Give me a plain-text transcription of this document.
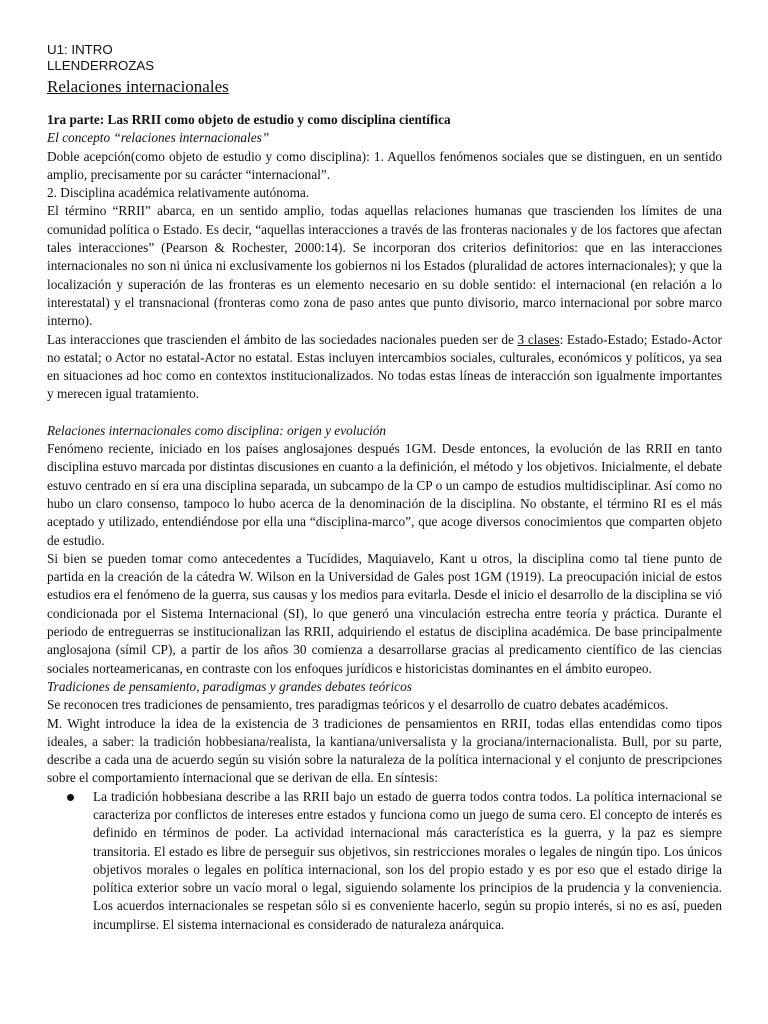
U1: INTRO
LLENDERROZAS
Relaciones internacionales
1ra parte: Las RRII como objeto de estudio y como disciplina científica
El concepto “relaciones internacionales”

Doble acepción(como objeto de estudio y como disciplina): 1. Aquellos fenómenos sociales que se distinguen, en un sentido amplio, precisamente por su carácter “internacional”.

2. Disciplina académica relativamente autónoma.

El término “RRII” abarca, en un sentido amplio, todas aquellas relaciones humanas que trascienden los límites de una comunidad política o Estado. Es decir, “aquellas interacciones a través de las fronteras nacionales y de los factores que afectan tales interacciones” (Pearson & Rochester, 2000:14). Se incorporan dos criterios definitorios: que en las interacciones internacionales no son ni única ni exclusivamente los gobiernos ni los Estados (pluralidad de actores internacionales); y que la localización y superación de las fronteras es un elemento necesario en su doble sentido: el internacional (en relación a lo interestatal) y el transnacional (fronteras como zona de paso antes que punto divisorio, marco internacional por sobre marco interno).

Las interacciones que trascienden el ámbito de las sociedades nacionales pueden ser de 3 clases: Estado-Estado; Estado-Actor no estatal; o Actor no estatal-Actor no estatal. Estas incluyen intercambios sociales, culturales, económicos y políticos, ya sea en situaciones ad hoc como en contextos institucionalizados. No todas estas líneas de interacción son igualmente importantes y merecen igual tratamiento.

Relaciones internacionales como disciplina: origen y evolución

Fenómeno reciente, iniciado en los países anglosajones después 1GM. Desde entonces, la evolución de las RRII en tanto disciplina estuvo marcada por distintas discusiones en cuanto a la definición, el método y los objetivos. Inicialmente, el debate estuvo centrado en sí era una disciplina separada, un subcampo de la CP o un campo de estudios multidisciplinar. Así como no hubo un claro consenso, tampoco lo hubo acerca de la denominación de la disciplina. No obstante, el término RI es el más aceptado y utilizado, entendiéndose por ella una “disciplina-marco”, que acoge diversos conocimientos que comparten objeto de estudio.

Si bien se pueden tomar como antecedentes a Tucídides, Maquiavelo, Kant u otros, la disciplina como tal tiene punto de partida en la creación de la cátedra W. Wilson en la Universidad de Gales post 1GM (1919). La preocupación inicial de estos estudios era el fenómeno de la guerra, sus causas y los medios para evitarla. Desde el inicio el desarrollo de la disciplina se vió condicionada por el Sistema Internacional (SI), lo que generó una vinculación estrecha entre teoría y práctica. Durante el periodo de entreguerras se institucionalizan las RRII, adquiriendo el estatus de disciplina académica. De base principalmente anglosajona (símil CP), a partir de los años 30 comienza a desarrollarse gracias al predicamento científico de las ciencias sociales norteamericanas, en contraste con los enfoques jurídicos e historicistas dominantes en el ámbito europeo.

Tradiciones de pensamiento, paradigmas y grandes debates teóricos

Se reconocen tres tradiciones de pensamiento, tres paradigmas teóricos y el desarrollo de cuatro debates académicos.

M. Wight introduce la idea de la existencia de 3 tradiciones de pensamientos en RRII, todas ellas entendidas como tipos ideales, a saber: la tradición hobbesiana/realista, la kantiana/universalista y la grociana/internacionalista. Bull, por su parte, describe a cada una de acuerdo según su visión sobre la naturaleza de la política internacional y el conjunto de prescripciones sobre el comportamiento internacional que se derivan de ella. En síntesis:

La tradición hobbesiana describe a las RRII bajo un estado de guerra todos contra todos. La política internacional se caracteriza por conflictos de intereses entre estados y funciona como un juego de suma cero. El concepto de interés es definido en términos de poder. La actividad internacional más característica es la guerra, y la paz es siempre transitoria. El estado es libre de perseguir sus objetivos, sin restricciones morales o legales de ningún tipo. Los únicos objetivos morales o legales en política internacional, son los del propio estado y es por eso que el estado dirige la política exterior sobre un vacío moral o legal, siguiendo solamente los principios de la prudencia y la conveniencia. Los acuerdos internacionales se respetan sólo si es conveniente hacerlo, según su propio interés, si no es así, pueden incumplirse. El sistema internacional es considerado de naturaleza anárquica.
